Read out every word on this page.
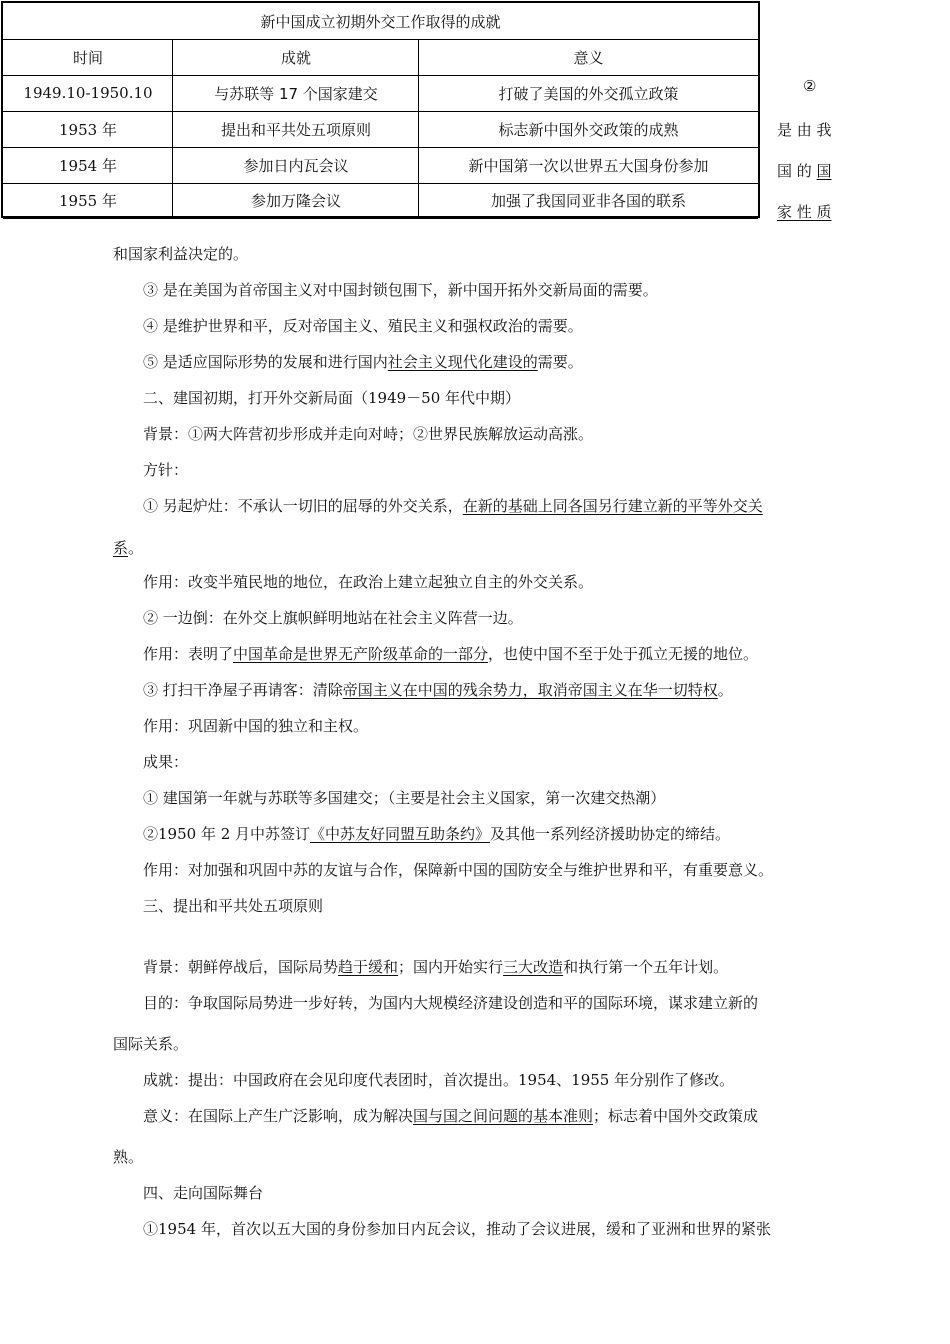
新中国成立初期外交工作取得的成就
时间	成就	意义
1949.10-1950.10	与苏联等 17 个国家建交	打破了美国的外交孤立政策
1953 年	提出和平共处五项原则	标志新中国外交政策的成熟
1954 年	参加日内瓦会议	新中国第一次以世界五大国身份参加
1955 年	参加万隆会议	加强了我国同亚非各国的联系
②
是 由 我
国 的 国
家 性 质
和国家利益决定的。
③ 是在美国为首帝国主义对中国封锁包围下，新中国开拓外交新局面的需要。
④ 是维护世界和平，反对帝国主义、殖民主义和强权政治的需要。
⑤ 是适应国际形势的发展和进行国内社会主义现代化建设的需要。
二、建国初期，打开外交新局面（1949－50 年代中期）
背景：①两大阵营初步形成并走向对峙；②世界民族解放运动高涨。
方针：
① 另起炉灶：不承认一切旧的屈辱的外交关系，在新的基础上同各国另行建立新的平等外交关
系。
作用：改变半殖民地的地位，在政治上建立起独立自主的外交关系。
② 一边倒：在外交上旗帜鲜明地站在社会主义阵营一边。
作用：表明了中国革命是世界无产阶级革命的一部分，也使中国不至于处于孤立无援的地位。
③ 打扫干净屋子再请客：清除帝国主义在中国的残余势力，取消帝国主义在华一切特权。
作用：巩固新中国的独立和主权。
成果：
① 建国第一年就与苏联等多国建交；（主要是社会主义国家，第一次建交热潮）
②1950 年 2 月中苏签订《中苏友好同盟互助条约》及其他一系列经济援助协定的缔结。
作用：对加强和巩固中苏的友谊与合作，保障新中国的国防安全与维护世界和平，有重要意义。
三、提出和平共处五项原则
背景：朝鲜停战后，国际局势趋于缓和；国内开始实行三大改造和执行第一个五年计划。
目的：争取国际局势进一步好转，为国内大规模经济建设创造和平的国际环境，谋求建立新的
国际关系。
成就：提出：中国政府在会见印度代表团时，首次提出。1954、1955 年分别作了修改。
意义：在国际上产生广泛影响，成为解决国与国之间问题的基本准则；标志着中国外交政策成
熟。
四、走向国际舞台
①1954 年，首次以五大国的身份参加日内瓦会议，推动了会议进展，缓和了亚洲和世界的紧张
